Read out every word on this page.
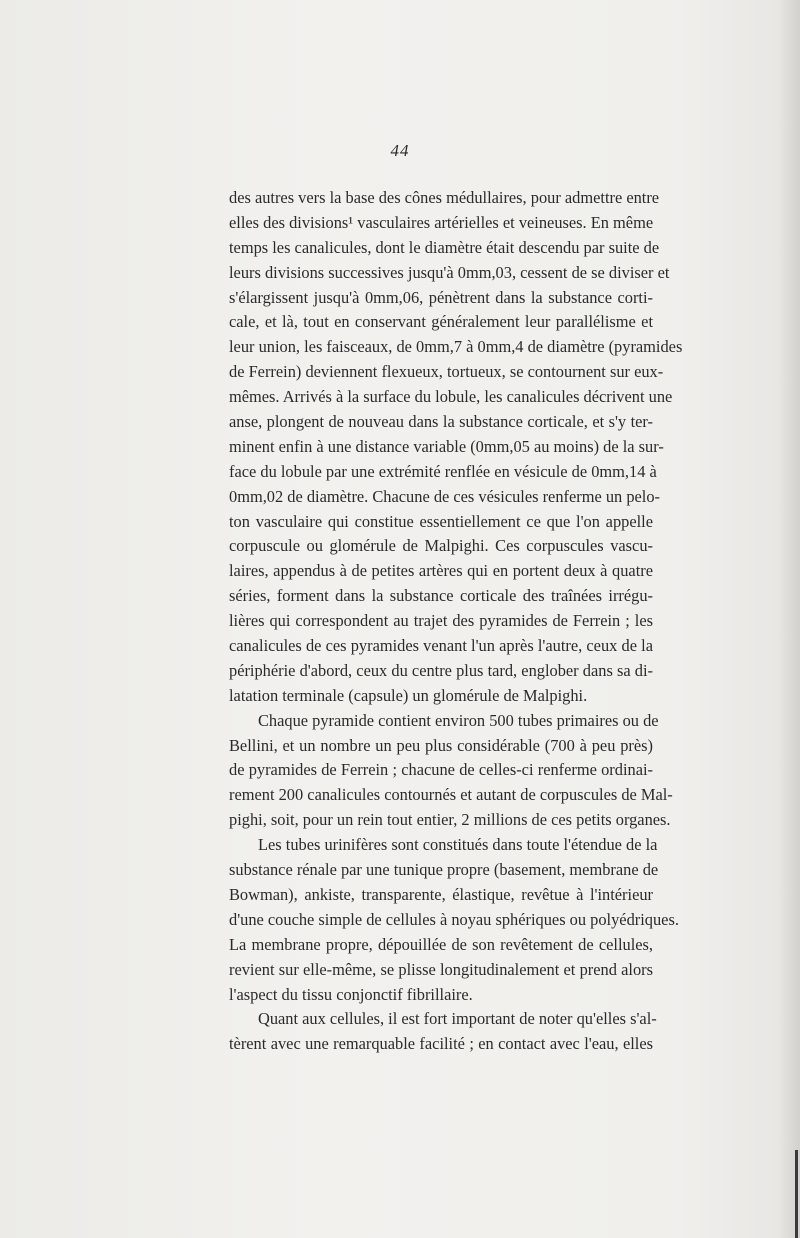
44
des autres vers la base des cônes médullaires, pour admettre entre
elles des divisions¹ vasculaires artérielles et veineuses. En même
temps les canalicules, dont le diamètre était descendu par suite de
leurs divisions successives jusqu'à 0mm,03, cessent de se diviser et
s'élargissent jusqu'à 0mm,06, pénètrent dans la substance corti-
cale, et là, tout en conservant généralement leur parallélisme et
leur union, les faisceaux, de 0mm,7 à 0mm,4 de diamètre (pyramides
de Ferrein) deviennent flexueux, tortueux, se contournent sur eux-
mêmes. Arrivés à la surface du lobule, les canalicules décrivent une
anse, plongent de nouveau dans la substance corticale, et s'y ter-
minent enfin à une distance variable (0mm,05 au moins) de la sur-
face du lobule par une extrémité renflée en vésicule de 0mm,14 à
0mm,02 de diamètre. Chacune de ces vésicules renferme un pelo-
ton vasculaire qui constitue essentiellement ce que l'on appelle
corpuscule ou glomérule de Malpighi. Ces corpuscules vascu-
laires, appendus à de petites artères qui en portent deux à quatre
séries, forment dans la substance corticale des traînées irrégu-
lières qui correspondent au trajet des pyramides de Ferrein ; les
canalicules de ces pyramides venant l'un après l'autre, ceux de la
périphérie d'abord, ceux du centre plus tard, englober dans sa di-
latation terminale (capsule) un glomérule de Malpighi.
Chaque pyramide contient environ 500 tubes primaires ou de
Bellini, et un nombre un peu plus considérable (700 à peu près)
de pyramides de Ferrein ; chacune de celles-ci renferme ordinai-
rement 200 canalicules contournés et autant de corpuscules de Mal-
pighi, soit, pour un rein tout entier, 2 millions de ces petits organes.
Les tubes urinifères sont constitués dans toute l'étendue de la
substance rénale par une tunique propre (basement, membrane de
Bowman), ankiste, transparente, élastique, revêtue à l'intérieur
d'une couche simple de cellules à noyau sphériques ou polyédriques.
La membrane propre, dépouillée de son revêtement de cellules,
revient sur elle-même, se plisse longitudinalement et prend alors
l'aspect du tissu conjonctif fibrillaire.
Quant aux cellules, il est fort important de noter qu'elles s'al-
tèrent avec une remarquable facilité ; en contact avec l'eau, elles
